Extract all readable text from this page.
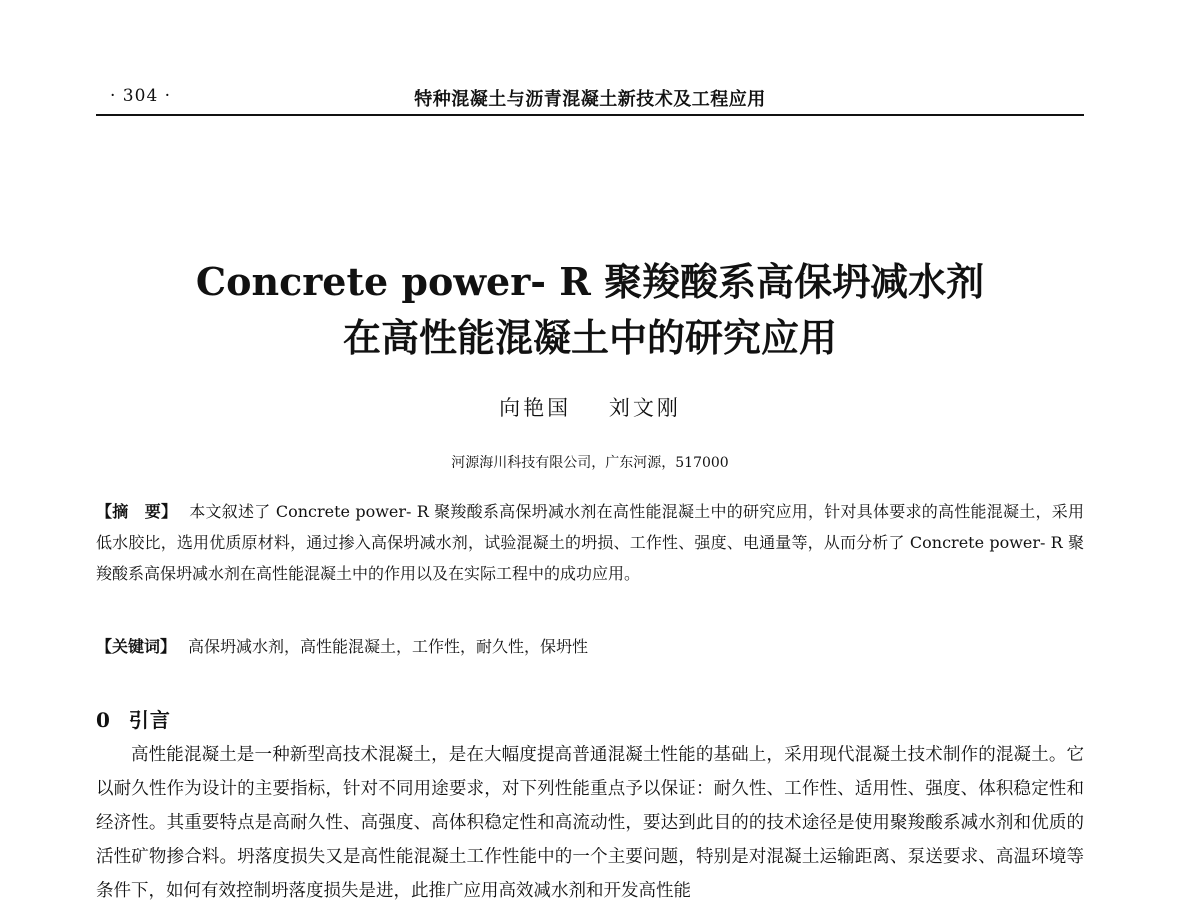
· 304 ·	特种混凝土与沥青混凝土新技术及工程应用
Concrete power- R 聚羧酸系高保坍减水剂
在高性能混凝土中的研究应用
向艳国 刘文刚
河源海川科技有限公司，广东河源，517000
【摘　要】 本文叙述了 Concrete power- R 聚羧酸系高保坍减水剂在高性能混凝土中的研究应用，针对具体要求的高性能混凝土，采用低水胶比，选用优质原材料，通过掺入高保坍减水剂，试验混凝土的坍损、工作性、强度、电通量等，从而分析了 Concrete power- R 聚羧酸系高保坍减水剂在高性能混凝土中的作用以及在实际工程中的成功应用。
【关键词】 高保坍减水剂，高性能混凝土，工作性，耐久性，保坍性
0 引言
高性能混凝土是一种新型高技术混凝土，是在大幅度提高普通混凝土性能的基础上，采用现代混凝土技术制作的混凝土。它以耐久性作为设计的主要指标，针对不同用途要求，对下列性能重点予以保证：耐久性、工作性、适用性、强度、体积稳定性和经济性。其重要特点是高耐久性、高强度、高体积稳定性和高流动性，要达到此目的的技术途径是使用聚羧酸系减水剂和优质的活性矿物掺合料。坍落度损失又是高性能混凝土工作性能中的一个主要问题，特别是对混凝土运输距离、泵送要求、高温环境等条件下，如何有效控制坍落度损失是进，此推广应用高效减水剂和开发高性能
